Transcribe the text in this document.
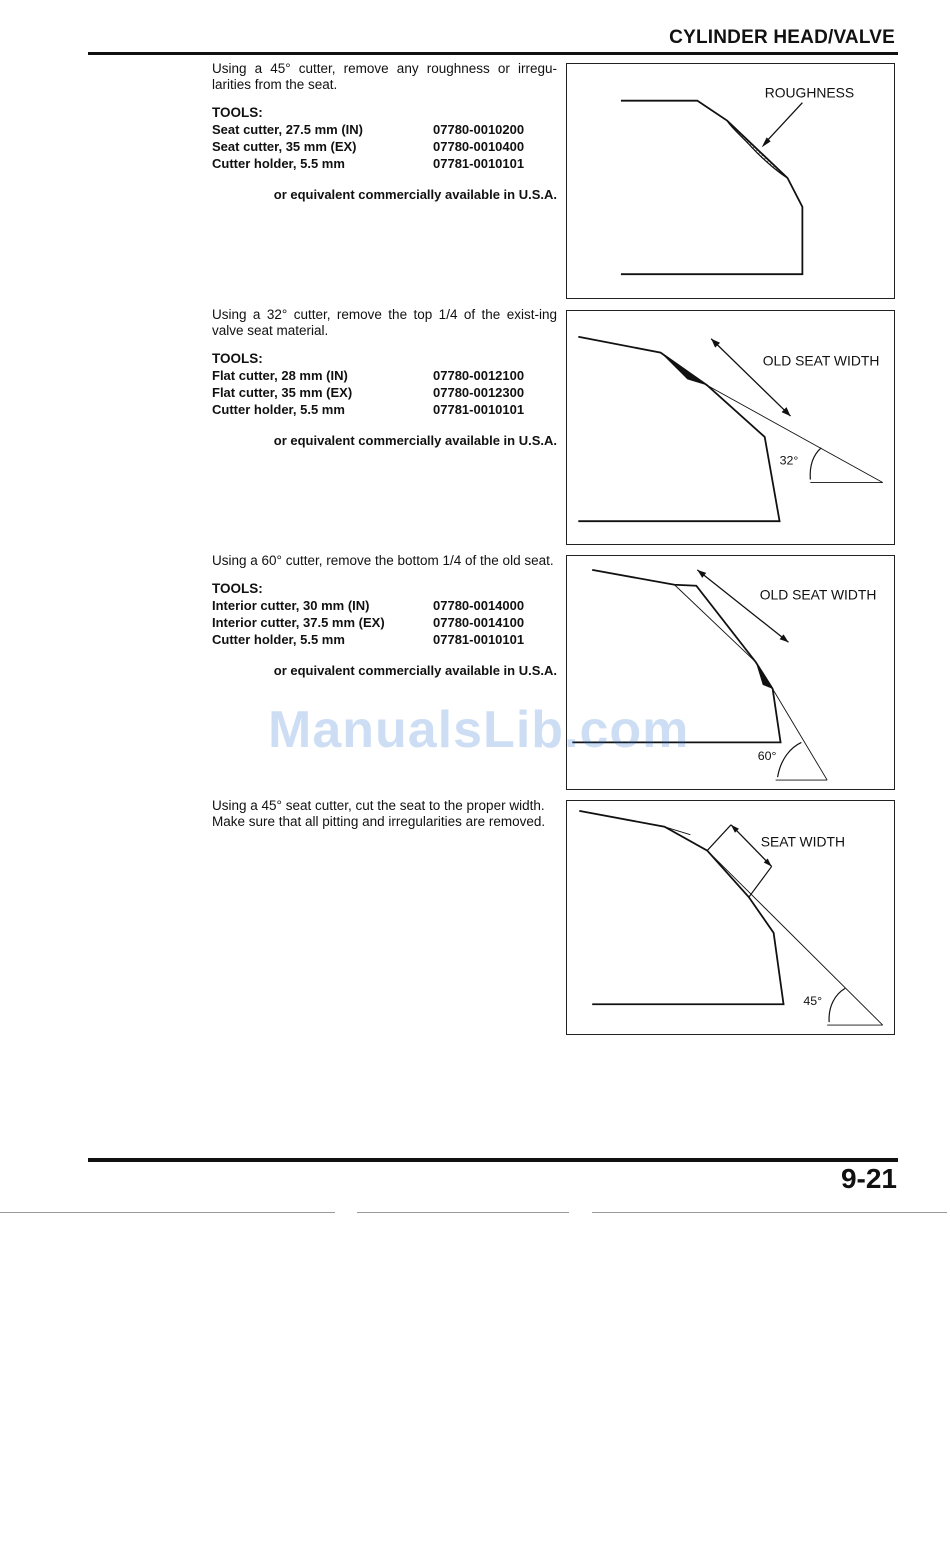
CYLINDER HEAD/VALVE

Using a 45° cutter, remove any roughness or irregu-larities from the seat.

TOOLS:
Seat cutter, 27.5 mm (IN)	07780-0010200
Seat cutter, 35 mm (EX)	07780-0010400
Cutter holder, 5.5 mm	07781-0010101
or equivalent commercially available in U.S.A.
ROUGHNESS

Using a 32° cutter, remove the top 1/4 of the exist-ing valve seat material.

TOOLS:
Flat cutter, 28 mm (IN)	07780-0012100
Flat cutter, 35 mm (EX)	07780-0012300
Cutter holder, 5.5 mm	07781-0010101
or equivalent commercially available in U.S.A.
OLD SEAT WIDTH
32°

Using a 60° cutter, remove the bottom 1/4 of the old seat.

TOOLS:
Interior cutter, 30 mm (IN)	07780-0014000
Interior cutter, 37.5 mm (EX)	07780-0014100
Cutter holder, 5.5 mm	07781-0010101
or equivalent commercially available in U.S.A.
OLD SEAT WIDTH
60°

Using a 45° seat cutter, cut the seat to the proper width.

Make sure that all pitting and irregularities are removed.

SEAT WIDTH
45°
ManualsLib.com
9-21
